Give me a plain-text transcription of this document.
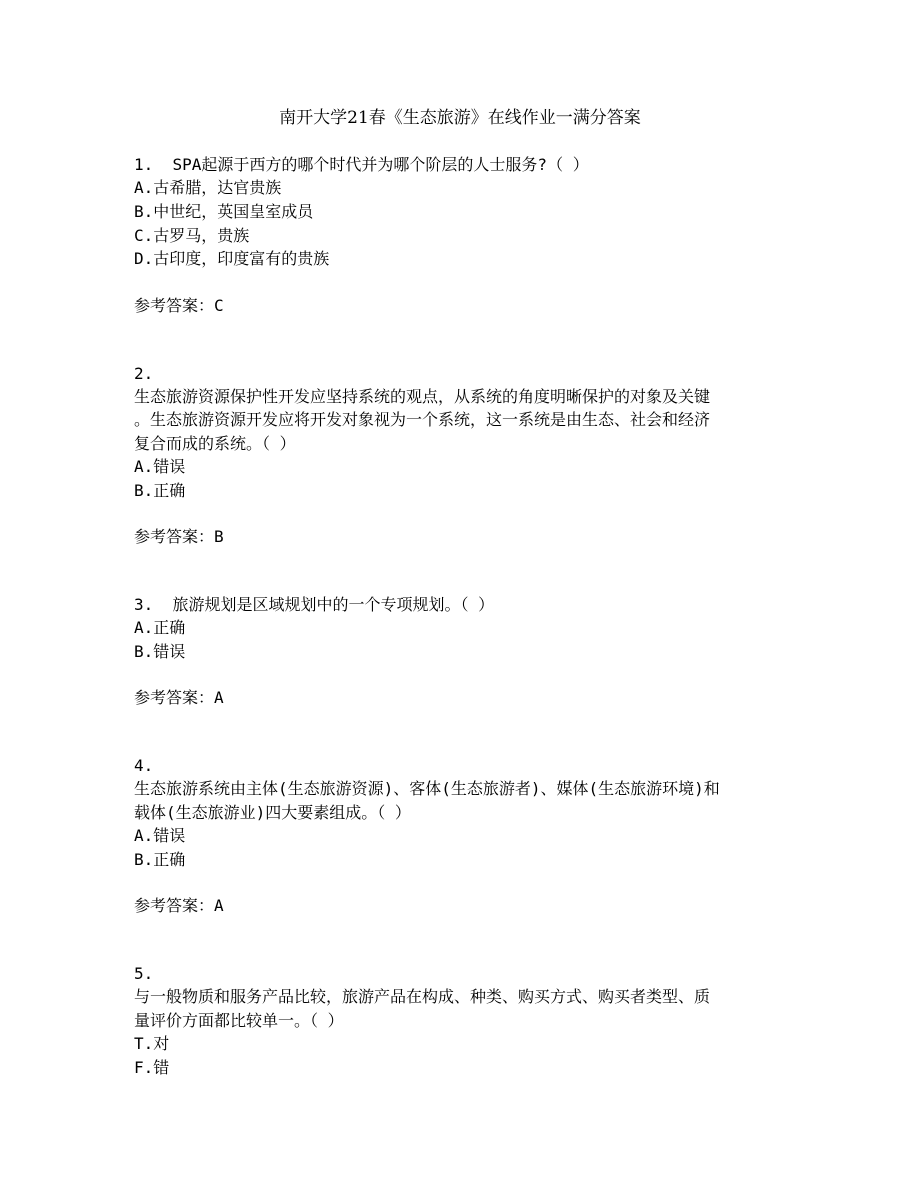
南开大学21春《生态旅游》在线作业一满分答案
1. SPA起源于西方的哪个时代并为哪个阶层的人士服务?（ ）
A.古希腊，达官贵族
B.中世纪，英国皇室成员
C.古罗马，贵族
D.古印度，印度富有的贵族
参考答案：C
2.
生态旅游资源保护性开发应坚持系统的观点，从系统的角度明晰保护的对象及关键
。生态旅游资源开发应将开发对象视为一个系统，这一系统是由生态、社会和经济
复合而成的系统。（ ）
A.错误
B.正确
参考答案：B
3. 旅游规划是区域规划中的一个专项规划。（ ）
A.正确
B.错误
参考答案：A
4.
生态旅游系统由主体(生态旅游资源)、客体(生态旅游者)、媒体(生态旅游环境)和
载体(生态旅游业)四大要素组成。（ ）
A.错误
B.正确
参考答案：A
5.
与一般物质和服务产品比较，旅游产品在构成、种类、购买方式、购买者类型、质
量评价方面都比较单一。（ ）
T.对
F.错
